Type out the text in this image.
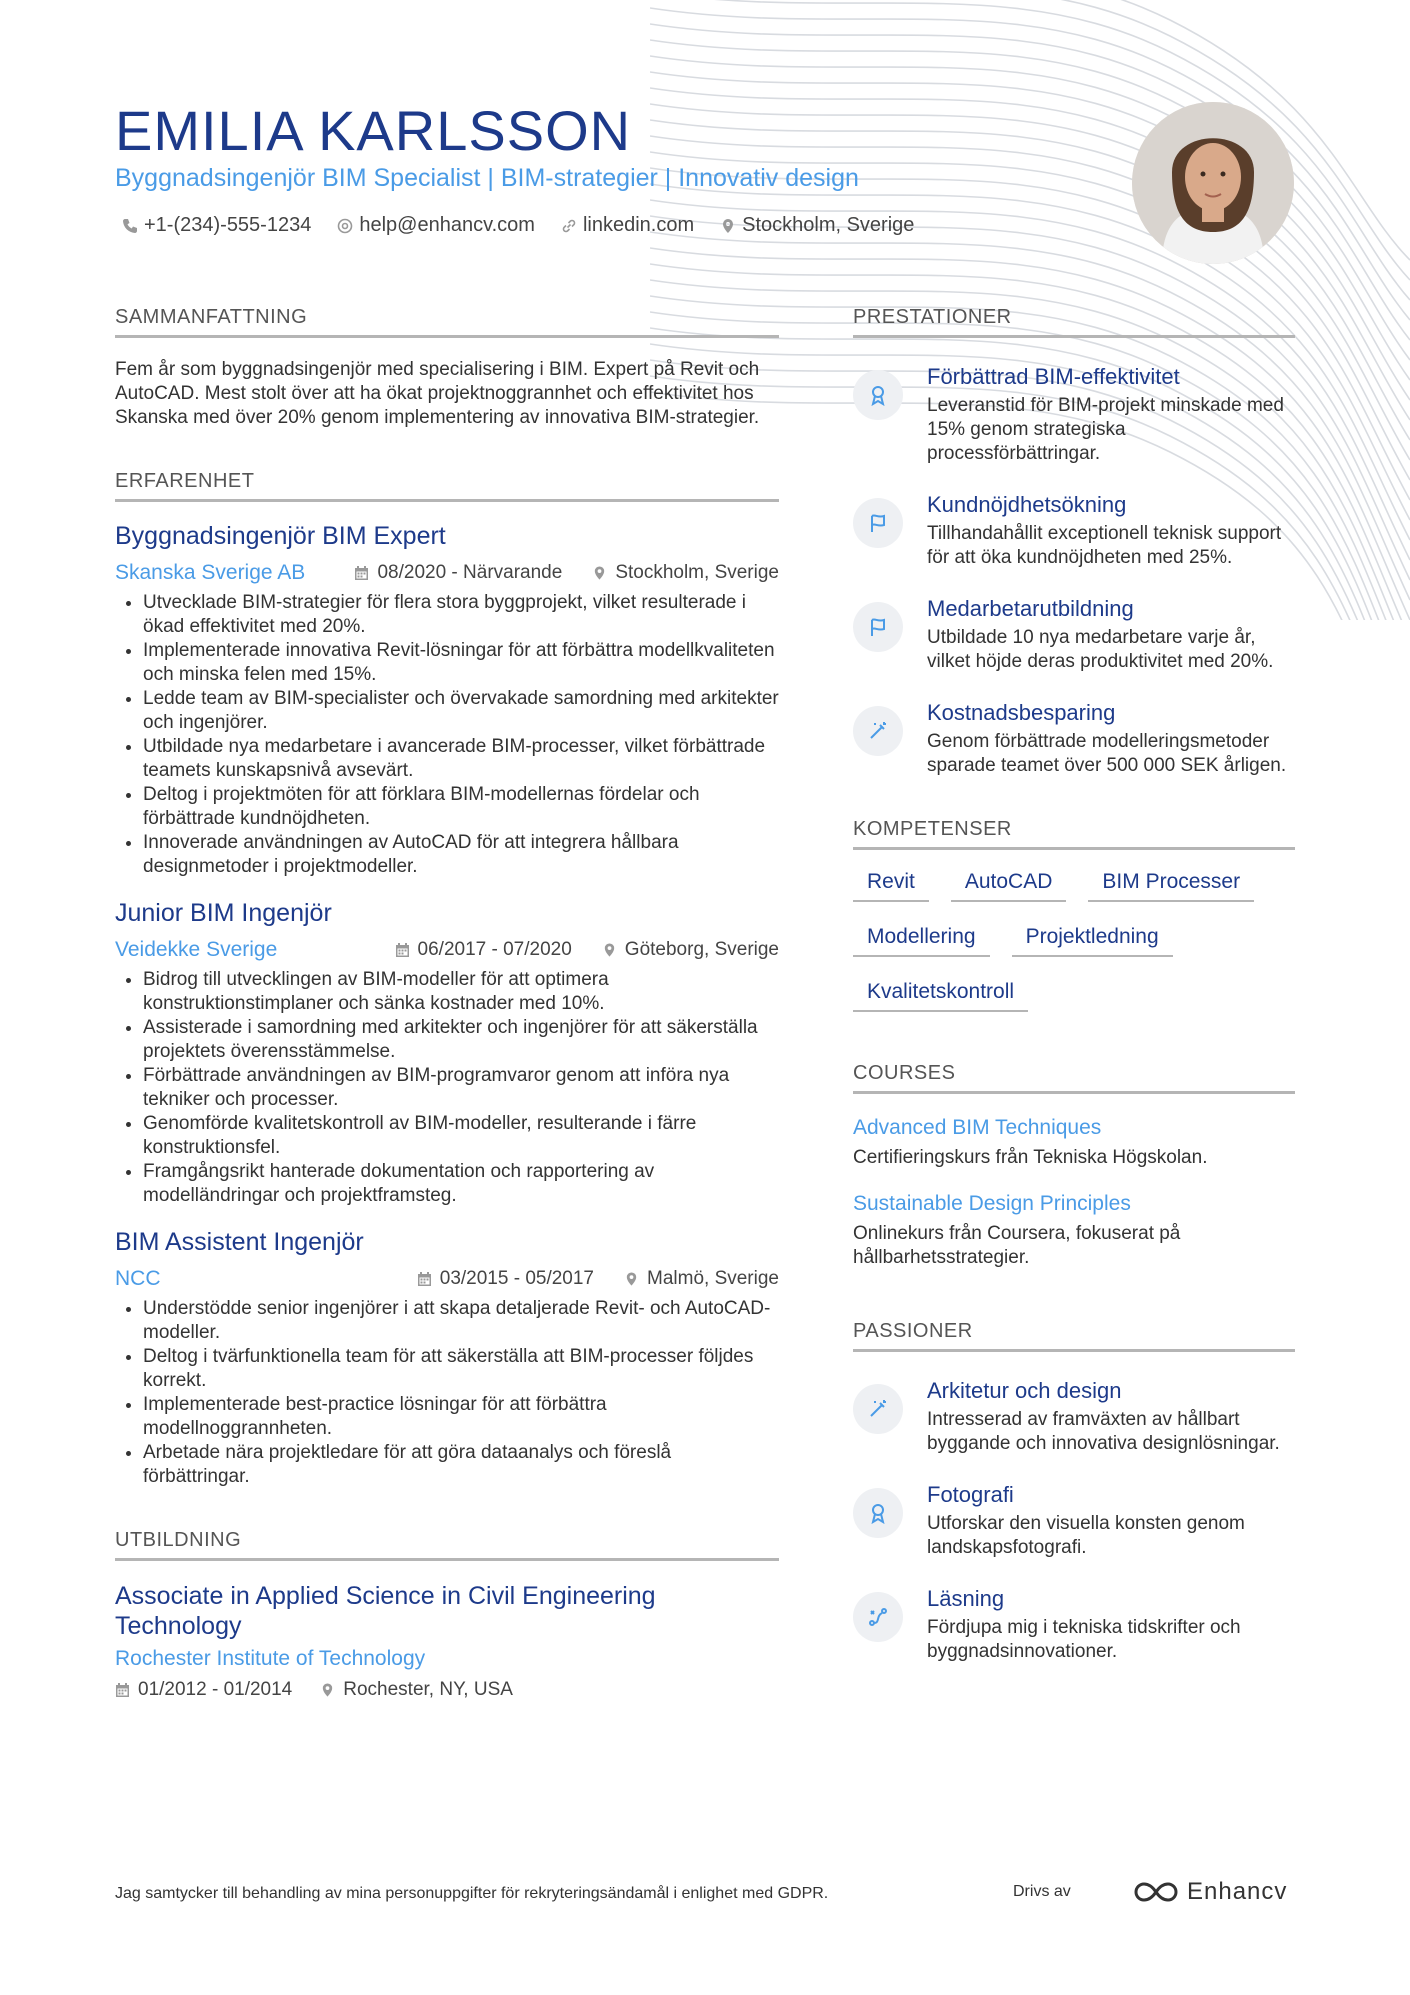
EMILIA KARLSSON
Byggnadsingenjör BIM Specialist | BIM-strategier | Innovativ design
+1-(234)-555-1234 help@enhancv.com linkedin.com Stockholm, Sverige
SAMMANFATTNING
Fem år som byggnadsingenjör med specialisering i BIM. Expert på Revit och AutoCAD. Mest stolt över att ha ökat projektnoggrannhet och effektivitet hos Skanska med över 20% genom implementering av innovativa BIM-strategier.
ERFARENHET
Byggnadsingenjör BIM Expert
Skanska Sverige AB	08/2020 - Närvarande	Stockholm, Sverige
• Utvecklade BIM-strategier för flera stora byggprojekt, vilket resulterade i ökad effektivitet med 20%.
• Implementerade innovativa Revit-lösningar för att förbättra modellkvaliteten och minska felen med 15%.
• Ledde team av BIM-specialister och övervakade samordning med arkitekter och ingenjörer.
• Utbildade nya medarbetare i avancerade BIM-processer, vilket förbättrade teamets kunskapsnivå avsevärt.
• Deltog i projektmöten för att förklara BIM-modellernas fördelar och förbättrade kundnöjdheten.
• Innoverade användningen av AutoCAD för att integrera hållbara designmetoder i projektmodeller.
Junior BIM Ingenjör
Veidekke Sverige	06/2017 - 07/2020	Göteborg, Sverige
• Bidrog till utvecklingen av BIM-modeller för att optimera konstruktionstimplaner och sänka kostnader med 10%.
• Assisterade i samordning med arkitekter och ingenjörer för att säkerställa projektets överensstämmelse.
• Förbättrade användningen av BIM-programvaror genom att införa nya tekniker och processer.
• Genomförde kvalitetskontroll av BIM-modeller, resulterande i färre konstruktionsfel.
• Framgångsrikt hanterade dokumentation och rapportering av modelländringar och projektframsteg.
BIM Assistent Ingenjör
NCC	03/2015 - 05/2017	Malmö, Sverige
• Understödde senior ingenjörer i att skapa detaljerade Revit- och AutoCAD-modeller.
• Deltog i tvärfunktionella team för att säkerställa att BIM-processer följdes korrekt.
• Implementerade best-practice lösningar för att förbättra modellnoggrannheten.
• Arbetade nära projektledare för att göra dataanalys och föreslå förbättringar.
UTBILDNING
Associate in Applied Science in Civil Engineering Technology
Rochester Institute of Technology
01/2012 - 01/2014	Rochester, NY, USA
PRESTATIONER
Förbättrad BIM-effektivitet
Leveranstid för BIM-projekt minskade med 15% genom strategiska processförbättringar.
Kundnöjdhetsökning
Tillhandahållit exceptionell teknisk support för att öka kundnöjdheten med 25%.
Medarbetarutbildning
Utbildade 10 nya medarbetare varje år, vilket höjde deras produktivitet med 20%.
Kostnadsbesparing
Genom förbättrade modelleringsmetoder sparade teamet över 500 000 SEK årligen.
KOMPETENSER
Revit	AutoCAD	BIM Processer
Modellering	Projektledning
Kvalitetskontroll
COURSES
Advanced BIM Techniques
Certifieringskurs från Tekniska Högskolan.
Sustainable Design Principles
Onlinekurs från Coursera, fokuserat på hållbarhetsstrategier.
PASSIONER
Arkitetur och design
Intresserad av framväxten av hållbart byggande och innovativa designlösningar.
Fotografi
Utforskar den visuella konsten genom landskapsfotografi.
Läsning
Fördjupa mig i tekniska tidskrifter och byggnadsinnovationer.
Jag samtycker till behandling av mina personuppgifter för rekryteringsändamål i enlighet med GDPR.	Drivs av	Enhancv
